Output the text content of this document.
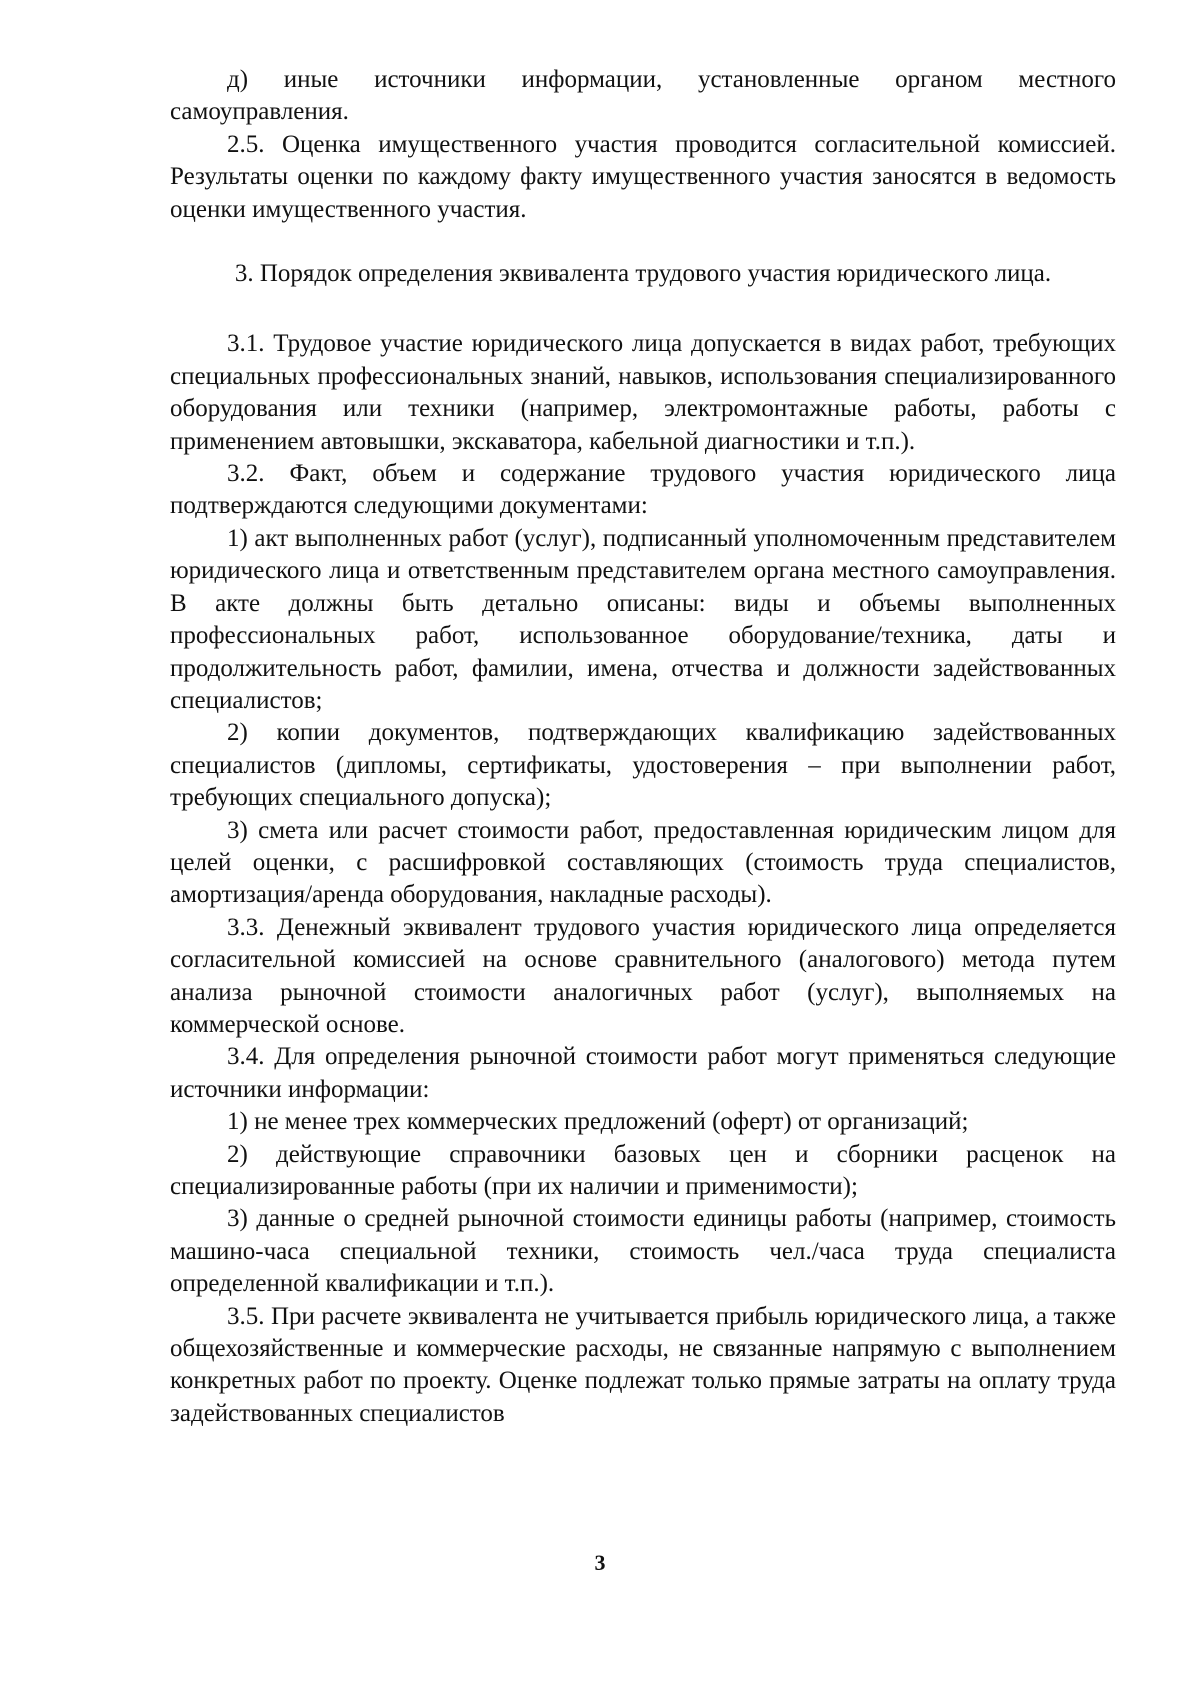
д) иные источники информации, установленные органом местного самоуправления.

2.5. Оценка имущественного участия проводится согласительной комиссией. Результаты оценки по каждому факту имущественного участия заносятся в ведомость оценки имущественного участия.

3. Порядок определения эквивалента трудового участия юридического лица.

3.1. Трудовое участие юридического лица допускается в видах работ, требующих специальных профессиональных знаний, навыков, использования специализированного оборудования или техники (например, электромонтажные работы, работы с применением автовышки, экскаватора, кабельной диагностики и т.п.).

3.2. Факт, объем и содержание трудового участия юридического лица подтверждаются следующими документами:

1) акт выполненных работ (услуг), подписанный уполномоченным представителем юридического лица и ответственным представителем органа местного самоуправления. В акте должны быть детально описаны: виды и объемы выполненных профессиональных работ, использованное оборудование/техника, даты и продолжительность работ, фамилии, имена, отчества и должности задействованных специалистов;

2) копии документов, подтверждающих квалификацию задействованных специалистов (дипломы, сертификаты, удостоверения – при выполнении работ, требующих специального допуска);

3) смета или расчет стоимости работ, предоставленная юридическим лицом для целей оценки, с расшифровкой составляющих (стоимость труда специалистов, амортизация/аренда оборудования, накладные расходы).

3.3. Денежный эквивалент трудового участия юридического лица определяется согласительной комиссией на основе сравнительного (аналогового) метода путем анализа рыночной стоимости аналогичных работ (услуг), выполняемых на коммерческой основе.

3.4. Для определения рыночной стоимости работ могут применяться следующие источники информации:

1) не менее трех коммерческих предложений (оферт) от организаций;

2) действующие справочники базовых цен и сборники расценок на специализированные работы (при их наличии и применимости);

3) данные о средней рыночной стоимости единицы работы (например, стоимость машино-часа специальной техники, стоимость чел./часа труда специалиста определенной квалификации и т.п.).

3.5. При расчете эквивалента не учитывается прибыль юридического лица, а также общехозяйственные и коммерческие расходы, не связанные напрямую с выполнением конкретных работ по проекту. Оценке подлежат только прямые затраты на оплату труда задействованных специалистов

3
